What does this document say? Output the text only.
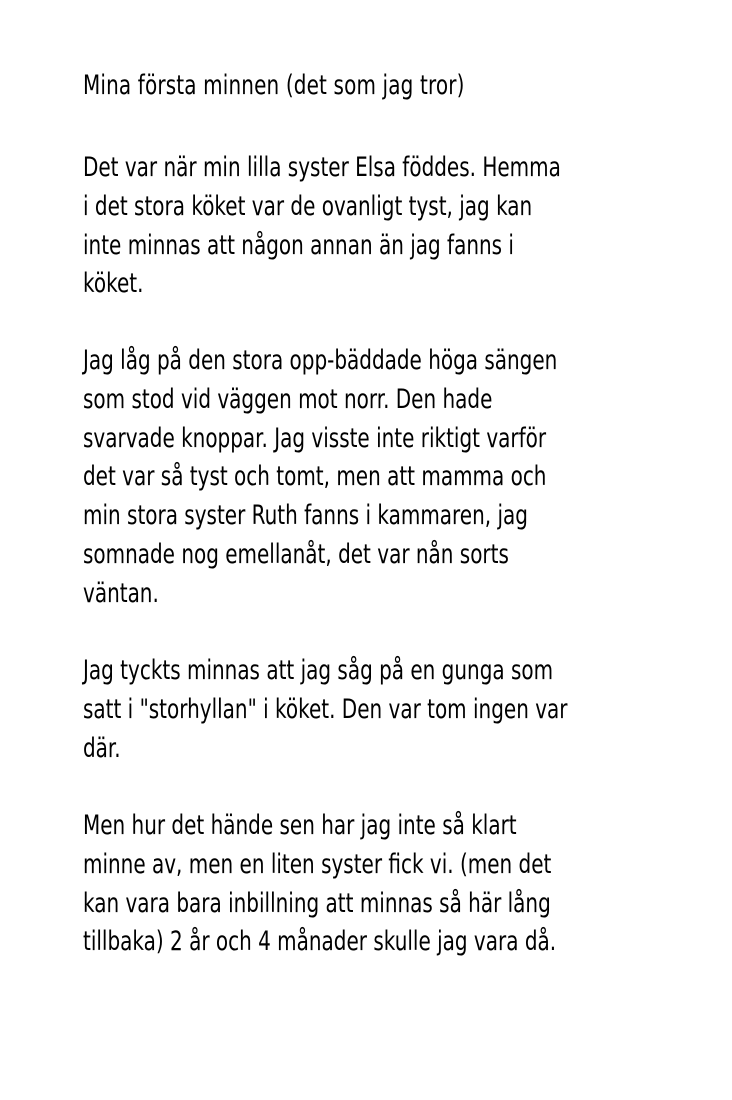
Mina första minnen (det som jag tror)

Det var när min lilla syster Elsa föddes. Hemma
i det stora köket var de ovanligt tyst, jag kan
inte minnas att någon annan än jag fanns i
köket.

Jag låg på den stora opp-bäddade höga sängen
som stod vid väggen mot norr. Den hade
svarvade knoppar. Jag visste inte riktigt varför
det var så tyst och tomt, men att mamma och
min stora syster Ruth fanns i kammaren, jag
somnade nog emellanåt, det var nån sorts
väntan.

Jag tyckts minnas att jag såg på en gunga som
satt i "storhyllan" i köket. Den var tom ingen var
där.

Men hur det hände sen har jag inte så klart
minne av, men en liten syster fick vi. (men det
kan vara bara inbillning att minnas så här lång
tillbaka) 2 år och 4 månader skulle jag vara då.
